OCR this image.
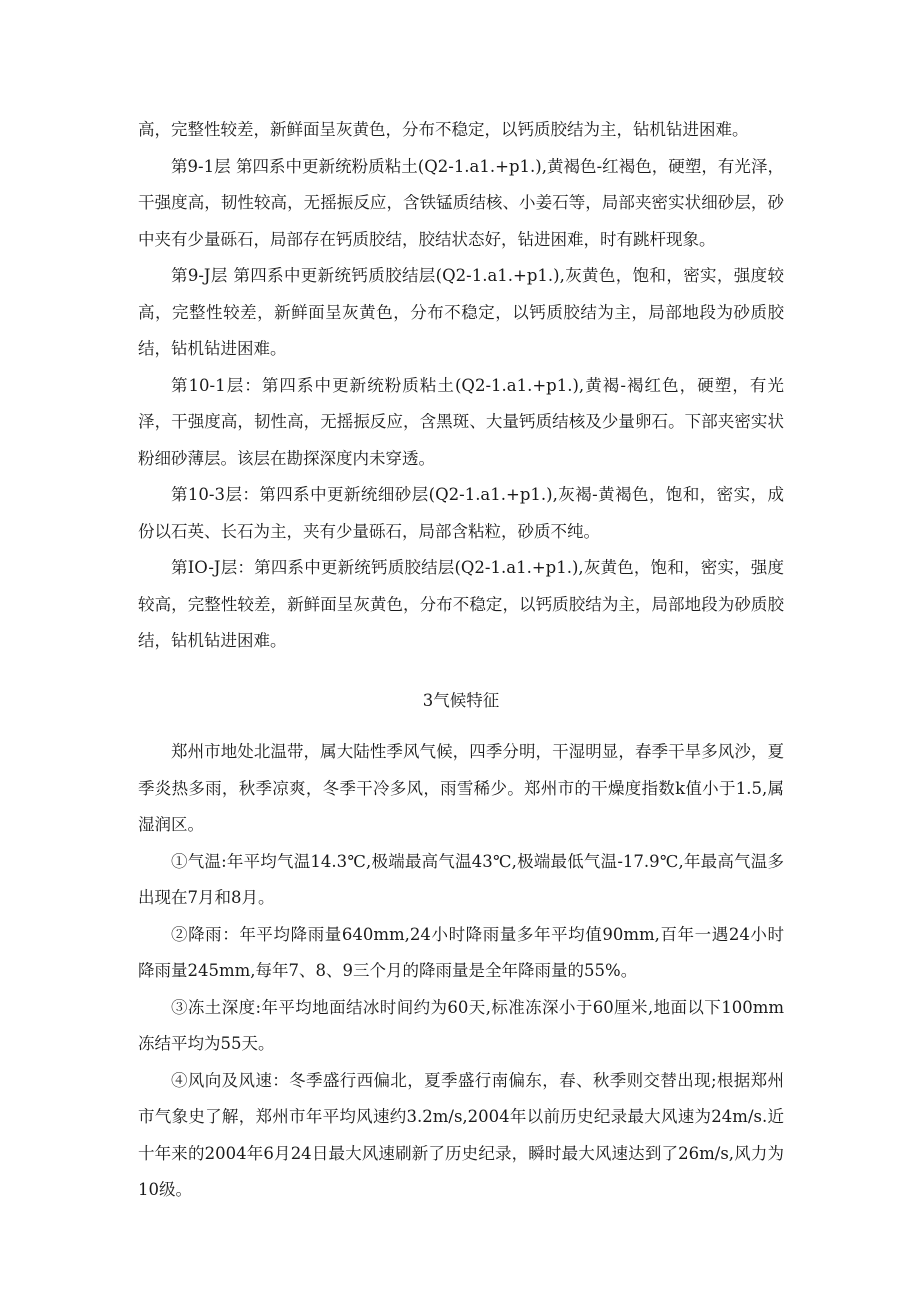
高，完整性较差，新鲜面呈灰黄色，分布不稳定，以钙质胶结为主，钻机钻进困难。

第9-1层 第四系中更新统粉质粘土(Q2-1.a1.+p1.),黄褐色-红褐色，硬塑，有光泽，干强度高，韧性较高，无摇振反应，含铁锰质结核、小姜石等，局部夹密实状细砂层，砂中夹有少量砾石，局部存在钙质胶结，胶结状态好，钻进困难，时有跳杆现象。

第9-J层 第四系中更新统钙质胶结层(Q2-1.a1.+p1.),灰黄色，饱和，密实，强度较高，完整性较差，新鲜面呈灰黄色，分布不稳定，以钙质胶结为主，局部地段为砂质胶结，钻机钻进困难。

第10-1层：第四系中更新统粉质粘土(Q2-1.a1.+p1.),黄褐-褐红色，硬塑，有光泽，干强度高，韧性高，无摇振反应，含黑斑、大量钙质结核及少量卵石。下部夹密实状粉细砂薄层。该层在勘探深度内未穿透。

第10-3层：第四系中更新统细砂层(Q2-1.a1.+p1.),灰褐-黄褐色，饱和，密实，成份以石英、长石为主，夹有少量砾石，局部含粘粒，砂质不纯。

第IO-J层：第四系中更新统钙质胶结层(Q2-1.a1.+p1.),灰黄色，饱和，密实，强度较高，完整性较差，新鲜面呈灰黄色，分布不稳定，以钙质胶结为主，局部地段为砂质胶结，钻机钻进困难。

3气候特征

郑州市地处北温带，属大陆性季风气候，四季分明，干湿明显，春季干旱多风沙，夏季炎热多雨，秋季凉爽，冬季干冷多风，雨雪稀少。郑州市的干燥度指数k值小于1.5,属湿润区。

①气温:年平均气温14.3℃,极端最高气温43℃,极端最低气温-17.9℃,年最高气温多出现在7月和8月。

②降雨：年平均降雨量640mm,24小时降雨量多年平均值90mm,百年一遇24小时降雨量245mm,每年7、8、9三个月的降雨量是全年降雨量的55%。

③冻土深度:年平均地面结冰时间约为60天,标准冻深小于60厘米,地面以下100mm冻结平均为55天。

④风向及风速：冬季盛行西偏北，夏季盛行南偏东，春、秋季则交替出现;根据郑州市气象史了解，郑州市年平均风速约3.2m/s,2004年以前历史纪录最大风速为24m/s.近十年来的2004年6月24日最大风速刷新了历史纪录，瞬时最大风速达到了26m/s,风力为10级。
